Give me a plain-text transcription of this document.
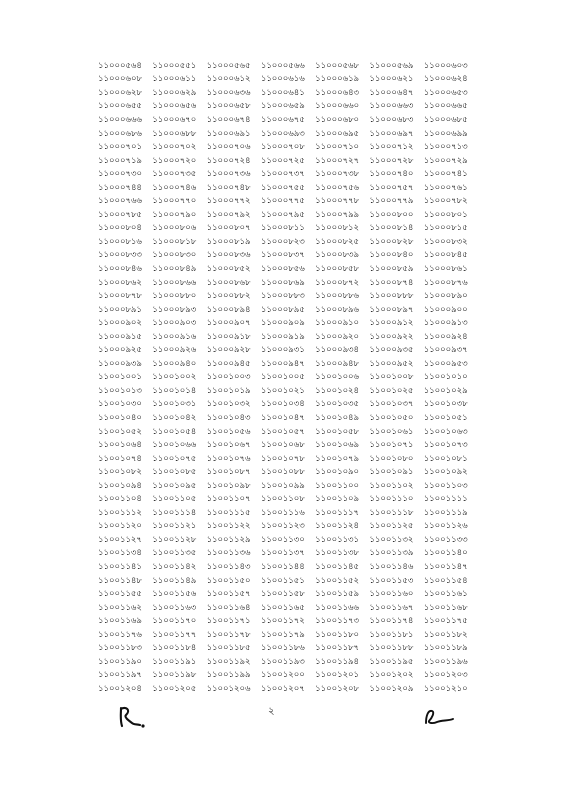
১১০০০৫৬৪	১১০০০৫৫১	১১০০০৫৬৫	১১০০০৫৬৬	১১০০০৫৬৮	১১০০০৫৬৯	১১০০০৬০৩
১১০০০৬০৮	১১০০০৬১১	১১০০০৬১২	১১০০০৬১৬	১১০০০৬১৯	১১০০০৬২১	১১০০০৬২৪
১১০০০৬২৮	১১০০০৬২৯	১১০০০৬৩৬	১১০০০৬৪১	১১০০০৬৪৩	১১০০০৬৪৭	১১০০০৬৫৩
১১০০০৬৫৫	১১০০০৬৫৬	১১০০০৬৫৮	১১০০০৬৫৯	১১০০০৬৬০	১১০০০৬৬৩	১১০০০৬৬৫
১১০০০৬৬৬	১১০০০৬৭০	১১০০০৬৭৪	১১০০০৬৭৫	১১০০০৬৮০	১১০০০৬৮৩	১১০০০৬৮৫
১১০০০৬৮৬	১১০০০৬৮৮	১১০০০৬৯১	১১০০০৬৯৩	১১০০০৬৯৫	১১০০০৬৯৭	১১০০০৬৯৯
১১০০০৭০১	১১০০০৭০২	১১০০০৭০৬	১১০০০৭০৮	১১০০০৭১০	১১০০০৭১২	১১০০০৭১৩
১১০০০৭১৯	১১০০০৭২০	১১০০০৭২৪	১১০০০৭২৫	১১০০০৭২৭	১১০০০৭২৮	১১০০০৭২৯
১১০০০৭৩০	১১০০০৭৩৫	১১০০০৭৩৬	১১০০০৭৩৭	১১০০০৭৩৮	১১০০০৭৪০	১১০০০৭৪১
১১০০০৭৪৪	১১০০০৭৪৬	১১০০০৭৪৮	১১০০০৭৫৫	১১০০০৭৫৬	১১০০০৭৫৭	১১০০০৭৬১
১১০০০৭৬৬	১১০০০৭৭০	১১০০০৭৭২	১১০০০৭৭৫	১১০০০৭৭৮	১১০০০৭৭৯	১১০০০৭৮২
১১০০০৭৮৫	১১০০০৭৯০	১১০০০৭৯২	১১০০০৭৯৫	১১০০০৭৯৯	১১০০০৮০০	১১০০০৮০১
১১০০০৮০৪	১১০০০৮০৬	১১০০০৮০৭	১১০০০৮১১	১১০০০৮১২	১১০০০৮১৪	১১০০০৮১৫
১১০০০৮১৬	১১০০০৮১৮	১১০০০৮১৯	১১০০০৮২৩	১১০০০৮২৫	১১০০০৮২৮	১১০০০৮৩২
১১০০০৮৩৩	১১০০০৮৩০	১১০০০৮৩৬	১১০০০৮৩৭	১১০০০৮৩৯	১১০০০৮৪০	১১০০০৮৪৫
১১০০০৮৪৬	১১০০০৮৪৯	১১০০০৮৫২	১১০০০৮৫৬	১১০০০৮৫৮	১১০০০৮৫৯	১১০০০৮৬১
১১০০০৮৬২	১১০০০৮৬৬	১১০০০৮৬৮	১১০০০৮৬৯	১১০০০৮৭২	১১০০০৮৭৪	১১০০০৮৭৬
১১০০০৮৭৮	১১০০০৮৮০	১১০০০৮৮২	১১০০০৮৮৩	১১০০০৮৮৬	১১০০০৮৮৮	১১০০০৮৯০
১১০০০৮৯১	১১০০০৮৯৩	১১০০০৮৯৪	১১০০০৮৯৫	১১০০০৮৯৬	১১০০০৮৯৭	১১০০০৯০০
১১০০০৯০২	১১০০০৯০৩	১১০০০৯০৭	১১০০০৯০৯	১১০০০৯১০	১১০০০৯১২	১১০০০৯১৩
১১০০০৯১৫	১১০০০৯১৬	১১০০০৯১৮	১১০০০৯১৯	১১০০০৯২০	১১০০০৯২২	১১০০০৯২৪
১১০০০৯২৫	১১০০০৯২৬	১১০০০৯২৮	১১০০০৯৩১	১১০০০৯৩৪	১১০০০৯৩৫	১১০০০৯৩৭
১১০০০৯৩৯	১১০০০৯৪০	১১০০০৯৪৫	১১০০০৯৪৭	১১০০০৯৪৮	১১০০০৯৫২	১১০০০৯৫৩
১১০০১০০১	১১০০১০০২	১১০০১০০৩	১১০০১০০৫	১১০০১০০৬	১১০০১০০৮	১১০০১০১০
১১০০১০১৩	১১০০১০১৪	১১০০১০১৯	১১০০১০২১	১১০০১০২৪	১১০০১০২৫	১১০০১০২৯
১১০০১০৩০	১১০০১০৩১	১১০০১০৩২	১১০০১০৩৪	১১০০১০৩৫	১১০০১০৩৭	১১০০১০৩৮
১১০০১০৪০	১১০০১০৪২	১১০০১০৪৩	১১০০১০৪৭	১১০০১০৪৯	১১০০১০৫০	১১০০১০৫১
১১০০১০৫২	১১০০১০৫৪	১১০০১০৫৬	১১০০১০৫৭	১১০০১০৫৮	১১০০১০৬১	১১০০১০৬৩
১১০০১০৬৪	১১০০১০৬৬	১১০০১০৬৭	১১০০১০৬৮	১১০০১০৬৯	১১০০১০৭১	১১০০১০৭৩
১১০০১০৭৪	১১০০১০৭৫	১১০০১০৭৬	১১০০১০৭৮	১১০০১০৭৯	১১০০১০৮০	১১০০১০৮১
১১০০১০৮২	১১০০১০৮৫	১১০০১০৮৭	১১০০১০৮৮	১১০০১০৯০	১১০০১০৯১	১১০০১০৯২
১১০০১০৯৪	১১০০১০৯৫	১১০০১০৯৮	১১০০১০৯৯	১১০০১১০০	১১০০১১০২	১১০০১১০৩
১১০০১১০৪	১১০০১১০৫	১১০০১১০৭	১১০০১১০৮	১১০০১১০৯	১১০০১১১০	১১০০১১১১
১১০০১১১২	১১০০১১১৪	১১০০১১১৫	১১০০১১১৬	১১০০১১১৭	১১০০১১১৮	১১০০১১১৯
১১০০১১২০	১১০০১১২১	১১০০১১২২	১১০০১১২৩	১১০০১১২৪	১১০০১১২৫	১১০০১১২৬
১১০০১১২৭	১১০০১১২৮	১১০০১১২৯	১১০০১১৩০	১১০০১১৩১	১১০০১১৩২	১১০০১১৩৩
১১০০১১৩৪	১১০০১১৩৫	১১০০১১৩৬	১১০০১১৩৭	১১০০১১৩৮	১১০০১১৩৯	১১০০১১৪০
১১০০১১৪১	১১০০১১৪২	১১০০১১৪৩	১১০০১১৪৪	১১০০১১৪৫	১১০০১১৪৬	১১০০১১৪৭
১১০০১১৪৮	১১০০১১৪৯	১১০০১১৫০	১১০০১১৫১	১১০০১১৫২	১১০০১১৫৩	১১০০১১৫৪
১১০০১১৫৫	১১০০১১৫৬	১১০০১১৫৭	১১০০১১৫৮	১১০০১১৫৯	১১০০১১৬০	১১০০১১৬১
১১০০১১৬২	১১০০১১৬৩	১১০০১১৬৪	১১০০১১৬৫	১১০০১১৬৬	১১০০১১৬৭	১১০০১১৬৮
১১০০১১৬৯	১১০০১১৭০	১১০০১১৭১	১১০০১১৭২	১১০০১১৭৩	১১০০১১৭৪	১১০০১১৭৫
১১০০১১৭৬	১১০০১১৭৭	১১০০১১৭৮	১১০০১১৭৯	১১০০১১৮০	১১০০১১৮১	১১০০১১৮২
১১০০১১৮৩	১১০০১১৮৪	১১০০১১৮৫	১১০০১১৮৬	১১০০১১৮৭	১১০০১১৮৮	১১০০১১৮৯
১১০০১১৯০	১১০০১১৯১	১১০০১১৯২	১১০০১১৯৩	১১০০১১৯৪	১১০০১১৯৫	১১০০১১৯৬
১১০০১১৯৭	১১০০১১৯৮	১১০০১১৯৯	১১০০১২০০	১১০০১২০১	১১০০১২০২	১১০০১২০৩
১১০০১২০৪	১১০০১২০৫	১১০০১২০৬	১১০০১২০৭	১১০০১২০৮	১১০০১২০৯	১১০০১২১০
২
